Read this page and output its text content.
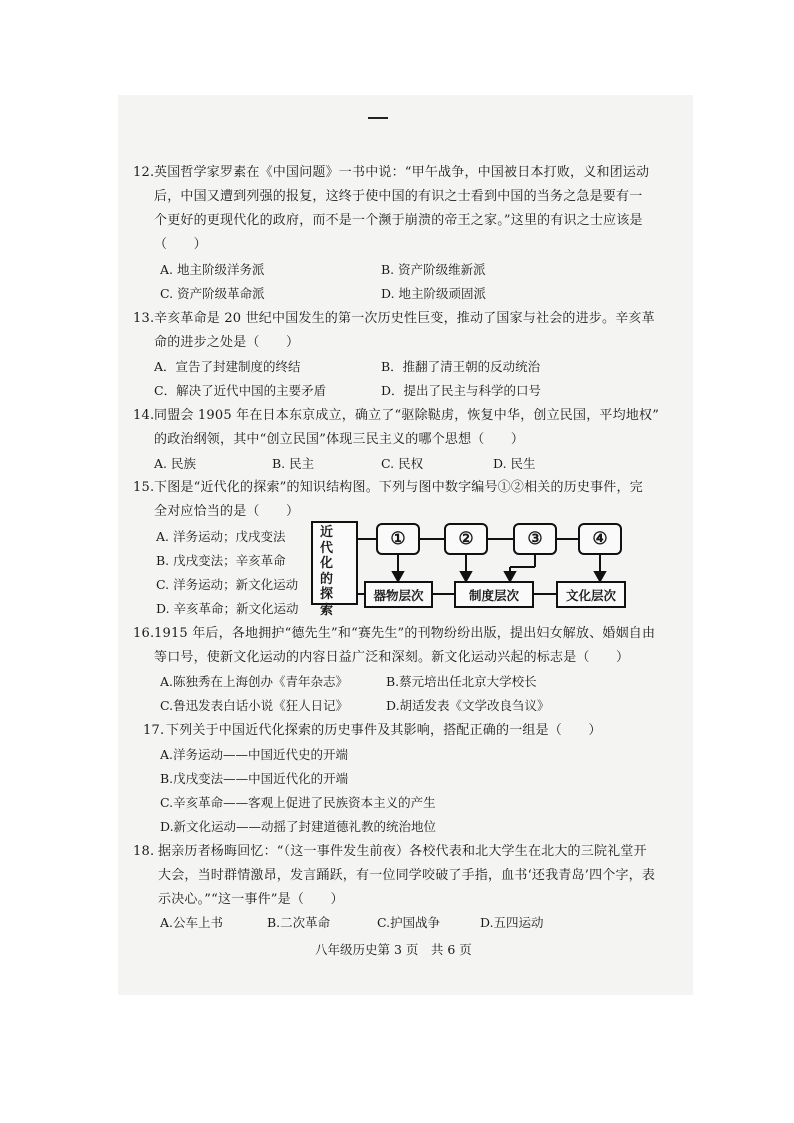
12. 英国哲学家罗素在《中国问题》一书中说：“甲午战争，中国被日本打败，义和团运动
后，中国又遭到列强的报复，这终于使中国的有识之士看到中国的当务之急是要有一
个更好的更现代化的政府，而不是一个濒于崩溃的帝王之家。”这里的有识之士应该是
（　　）
A. 地主阶级洋务派	B. 资产阶级维新派
C. 资产阶级革命派	D. 地主阶级顽固派
13. 辛亥革命是 20 世纪中国发生的第一次历史性巨变，推动了国家与社会的进步。辛亥革
命的进步之处是（　　）
A．宣告了封建制度的终结	B．推翻了清王朝的反动统治
C．解决了近代中国的主要矛盾	D．提出了民主与科学的口号
14. 同盟会 1905 年在日本东京成立，确立了“驱除鞑虏，恢复中华，创立民国，平均地权”
的政治纲领，其中“创立民国”体现三民主义的哪个思想（　　）
A. 民族	B. 民主	C. 民权	D. 民生
15. 下图是“近代化的探索”的知识结构图。下列与图中数字编号①②相关的历史事件，完
全对应恰当的是（　　）
A. 洋务运动；戊戌变法
B. 戊戌变法；辛亥革命
C. 洋务运动；新文化运动
D. 辛亥革命；新文化运动
近代化的探索
①	②	③	④
器物层次	制度层次	文化层次
16. 1915 年后，各地拥护“德先生”和“赛先生”的刊物纷纷出版，提出妇女解放、婚姻自由
等口号，使新文化运动的内容日益广泛和深刻。新文化运动兴起的标志是（　　）
A.陈独秀在上海创办《青年杂志》	B.蔡元培出任北京大学校长
C.鲁迅发表白话小说《狂人日记》	D.胡适发表《文学改良刍议》
17. 下列关于中国近代化探索的历史事件及其影响，搭配正确的一组是（　　）
A.洋务运动——中国近代史的开端
B.戊戌变法——中国近代化的开端
C.辛亥革命——客观上促进了民族资本主义的产生
D.新文化运动——动摇了封建道德礼教的统治地位
18. 据亲历者杨晦回忆：“（这一事件发生前夜）各校代表和北大学生在北大的三院礼堂开
大会，当时群情激昂，发言踊跃，有一位同学咬破了手指，血书‘还我青岛’四个字，表
示决心。”“这一事件”是（　　）
A.公车上书	B.二次革命	C.护国战争	D.五四运动
八年级历史第 3 页　共 6 页
